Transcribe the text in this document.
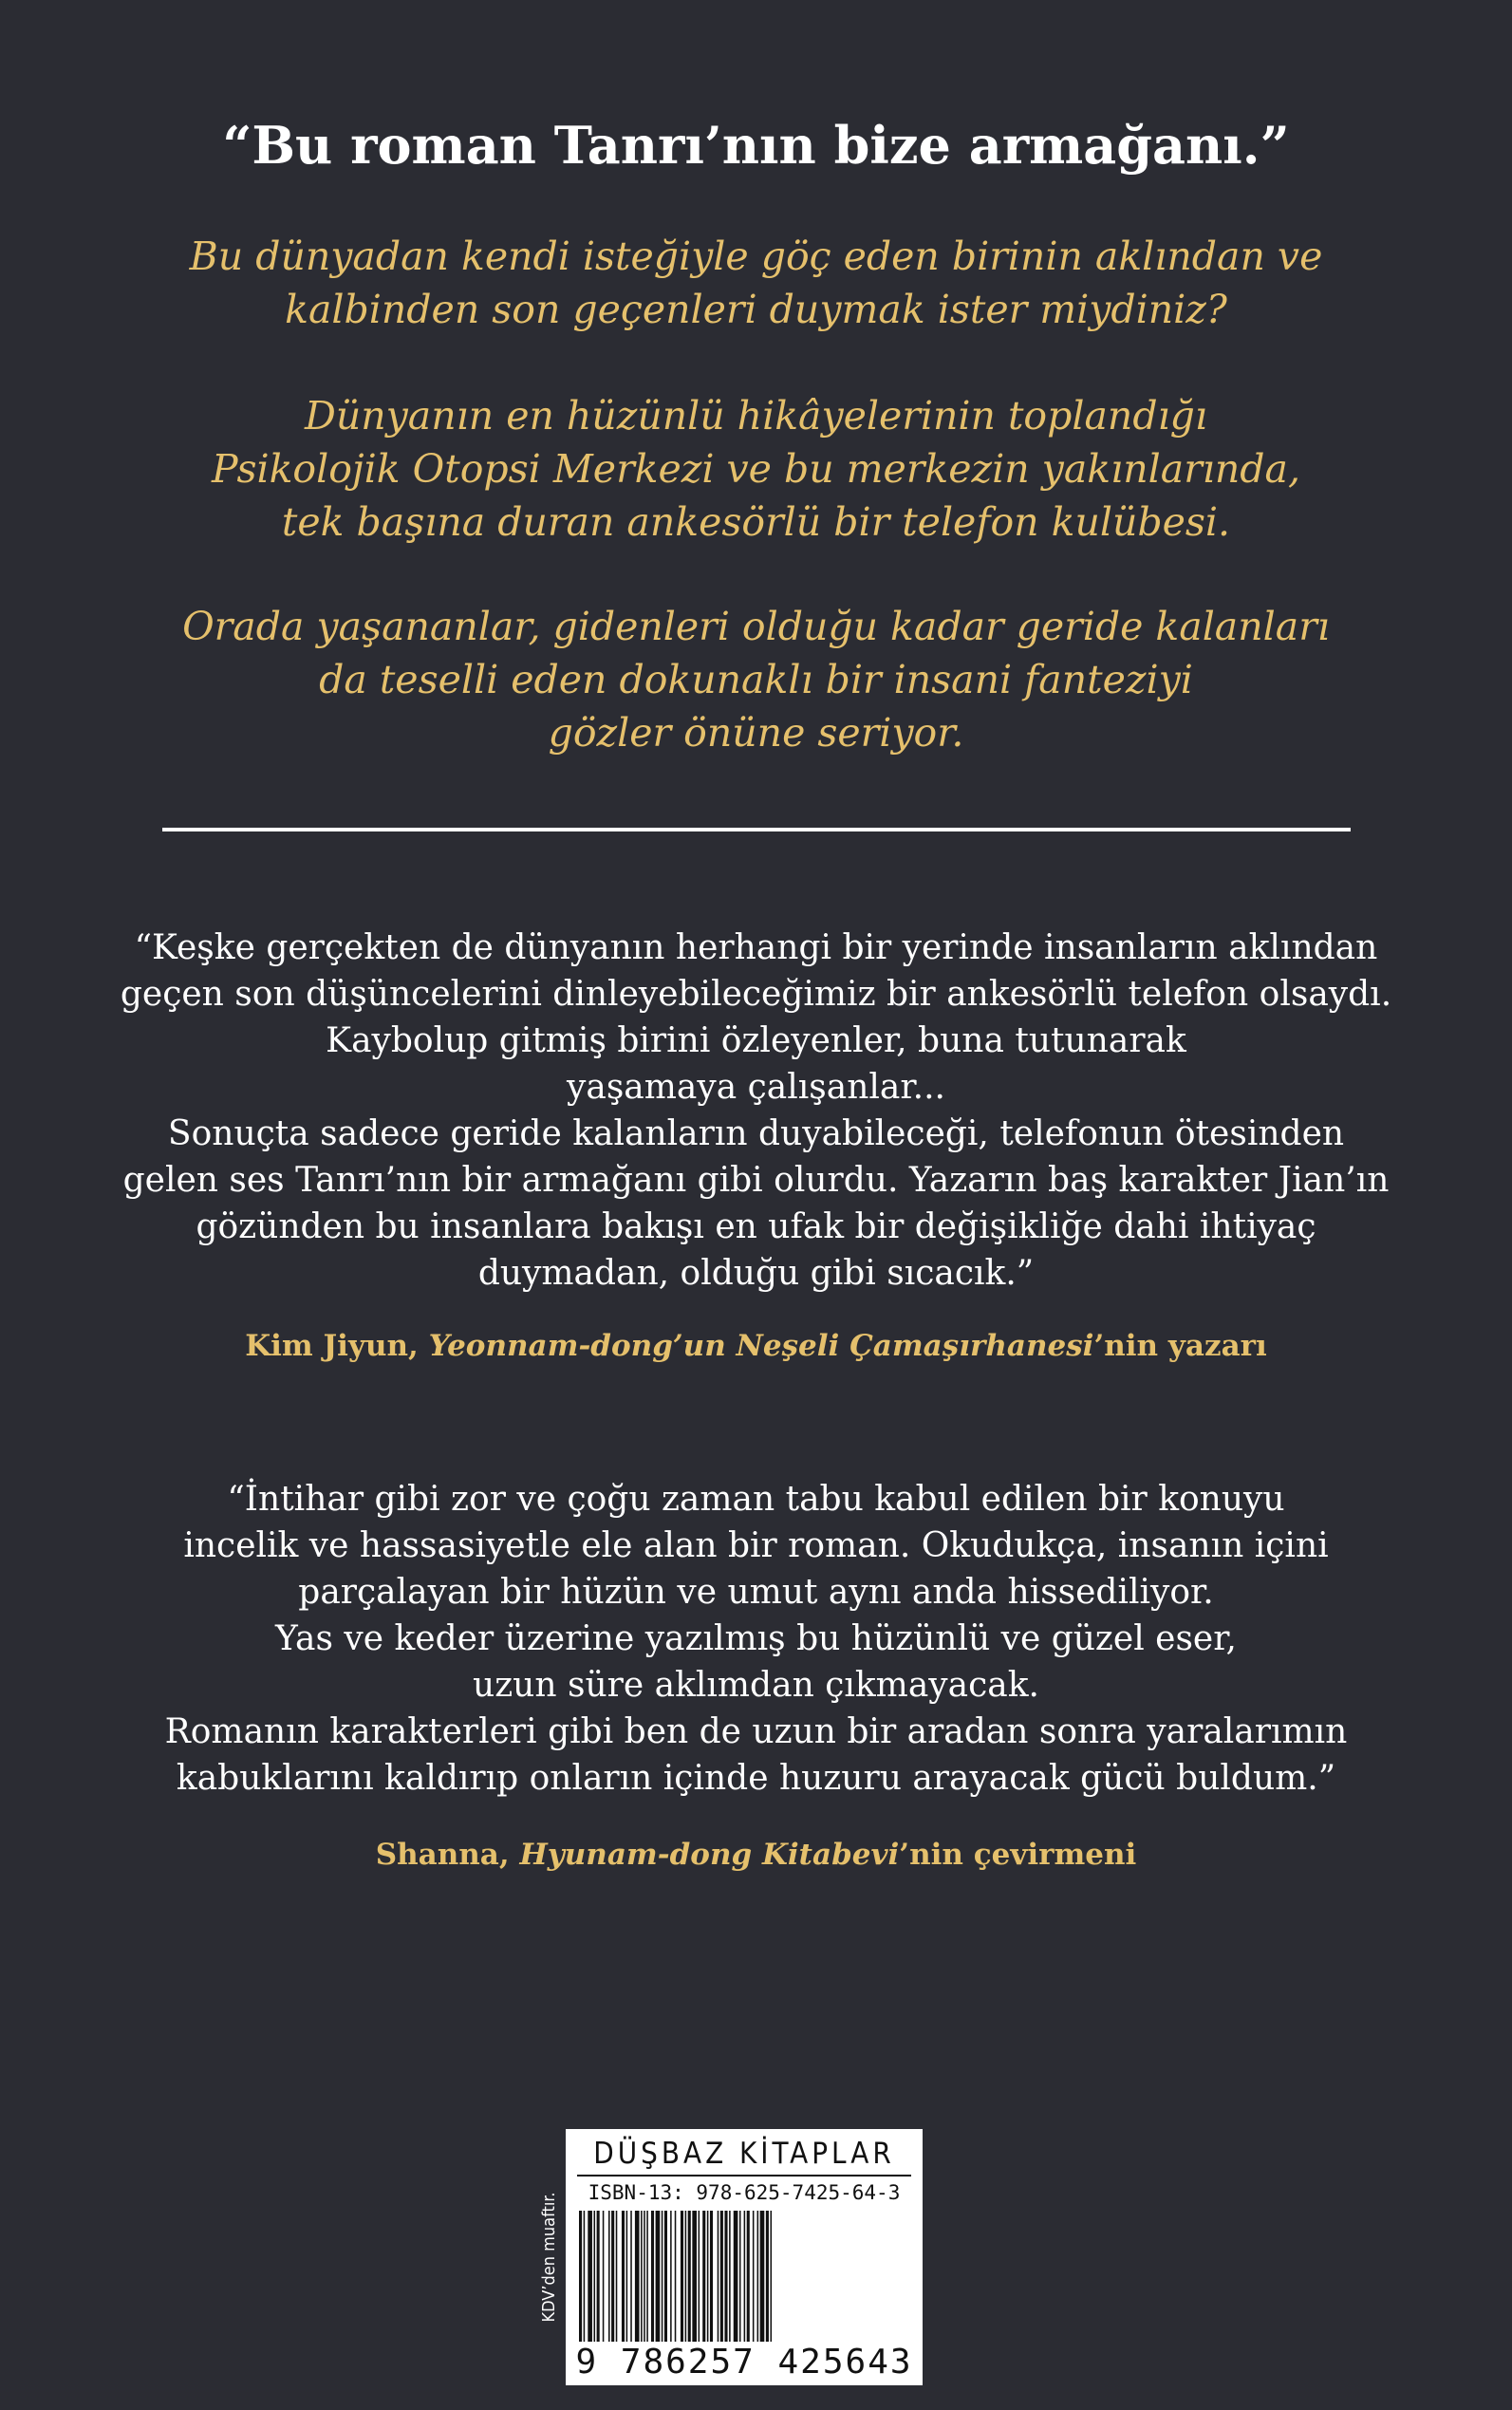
“Bu roman Tanrı’nın bize armağanı.”
Bu dünyadan kendi isteğiyle göç eden birinin aklından ve
kalbinden son geçenleri duymak ister miydiniz?
Dünyanın en hüzünlü hikâyelerinin toplandığı
Psikolojik Otopsi Merkezi ve bu merkezin yakınlarında,
tek başına duran ankesörlü bir telefon kulübesi.
Orada yaşananlar, gidenleri olduğu kadar geride kalanları
da teselli eden dokunaklı bir insani fanteziyi
gözler önüne seriyor.
“Keşke gerçekten de dünyanın herhangi bir yerinde insanların aklından
geçen son düşüncelerini dinleyebileceğimiz bir ankesörlü telefon olsaydı.
Kaybolup gitmiş birini özleyenler, buna tutunarak
yaşamaya çalışanlar...
Sonuçta sadece geride kalanların duyabileceği, telefonun ötesinden
gelen ses Tanrı’nın bir armağanı gibi olurdu. Yazarın baş karakter Jian’ın
gözünden bu insanlara bakışı en ufak bir değişikliğe dahi ihtiyaç
duymadan, olduğu gibi sıcacık.”

Kim Jiyun, Yeonnam-dong’un Neşeli Çamaşırhanesi’nin yazarı

“İntihar gibi zor ve çoğu zaman tabu kabul edilen bir konuyu
incelik ve hassasiyetle ele alan bir roman. Okudukça, insanın içini
parçalayan bir hüzün ve umut aynı anda hissediliyor.
Yas ve keder üzerine yazılmış bu hüzünlü ve güzel eser,
uzun süre aklımdan çıkmayacak.
Romanın karakterleri gibi ben de uzun bir aradan sonra yaralarımın
kabuklarını kaldırıp onların içinde huzuru arayacak gücü buldum.”

Shanna, Hyunam-dong Kitabevi’nin çevirmeni

KDV’den muaftır.
DÜŞBAZ KİTAPLAR
ISBN-13: 978-625-7425-64-3
9 786257 425643
